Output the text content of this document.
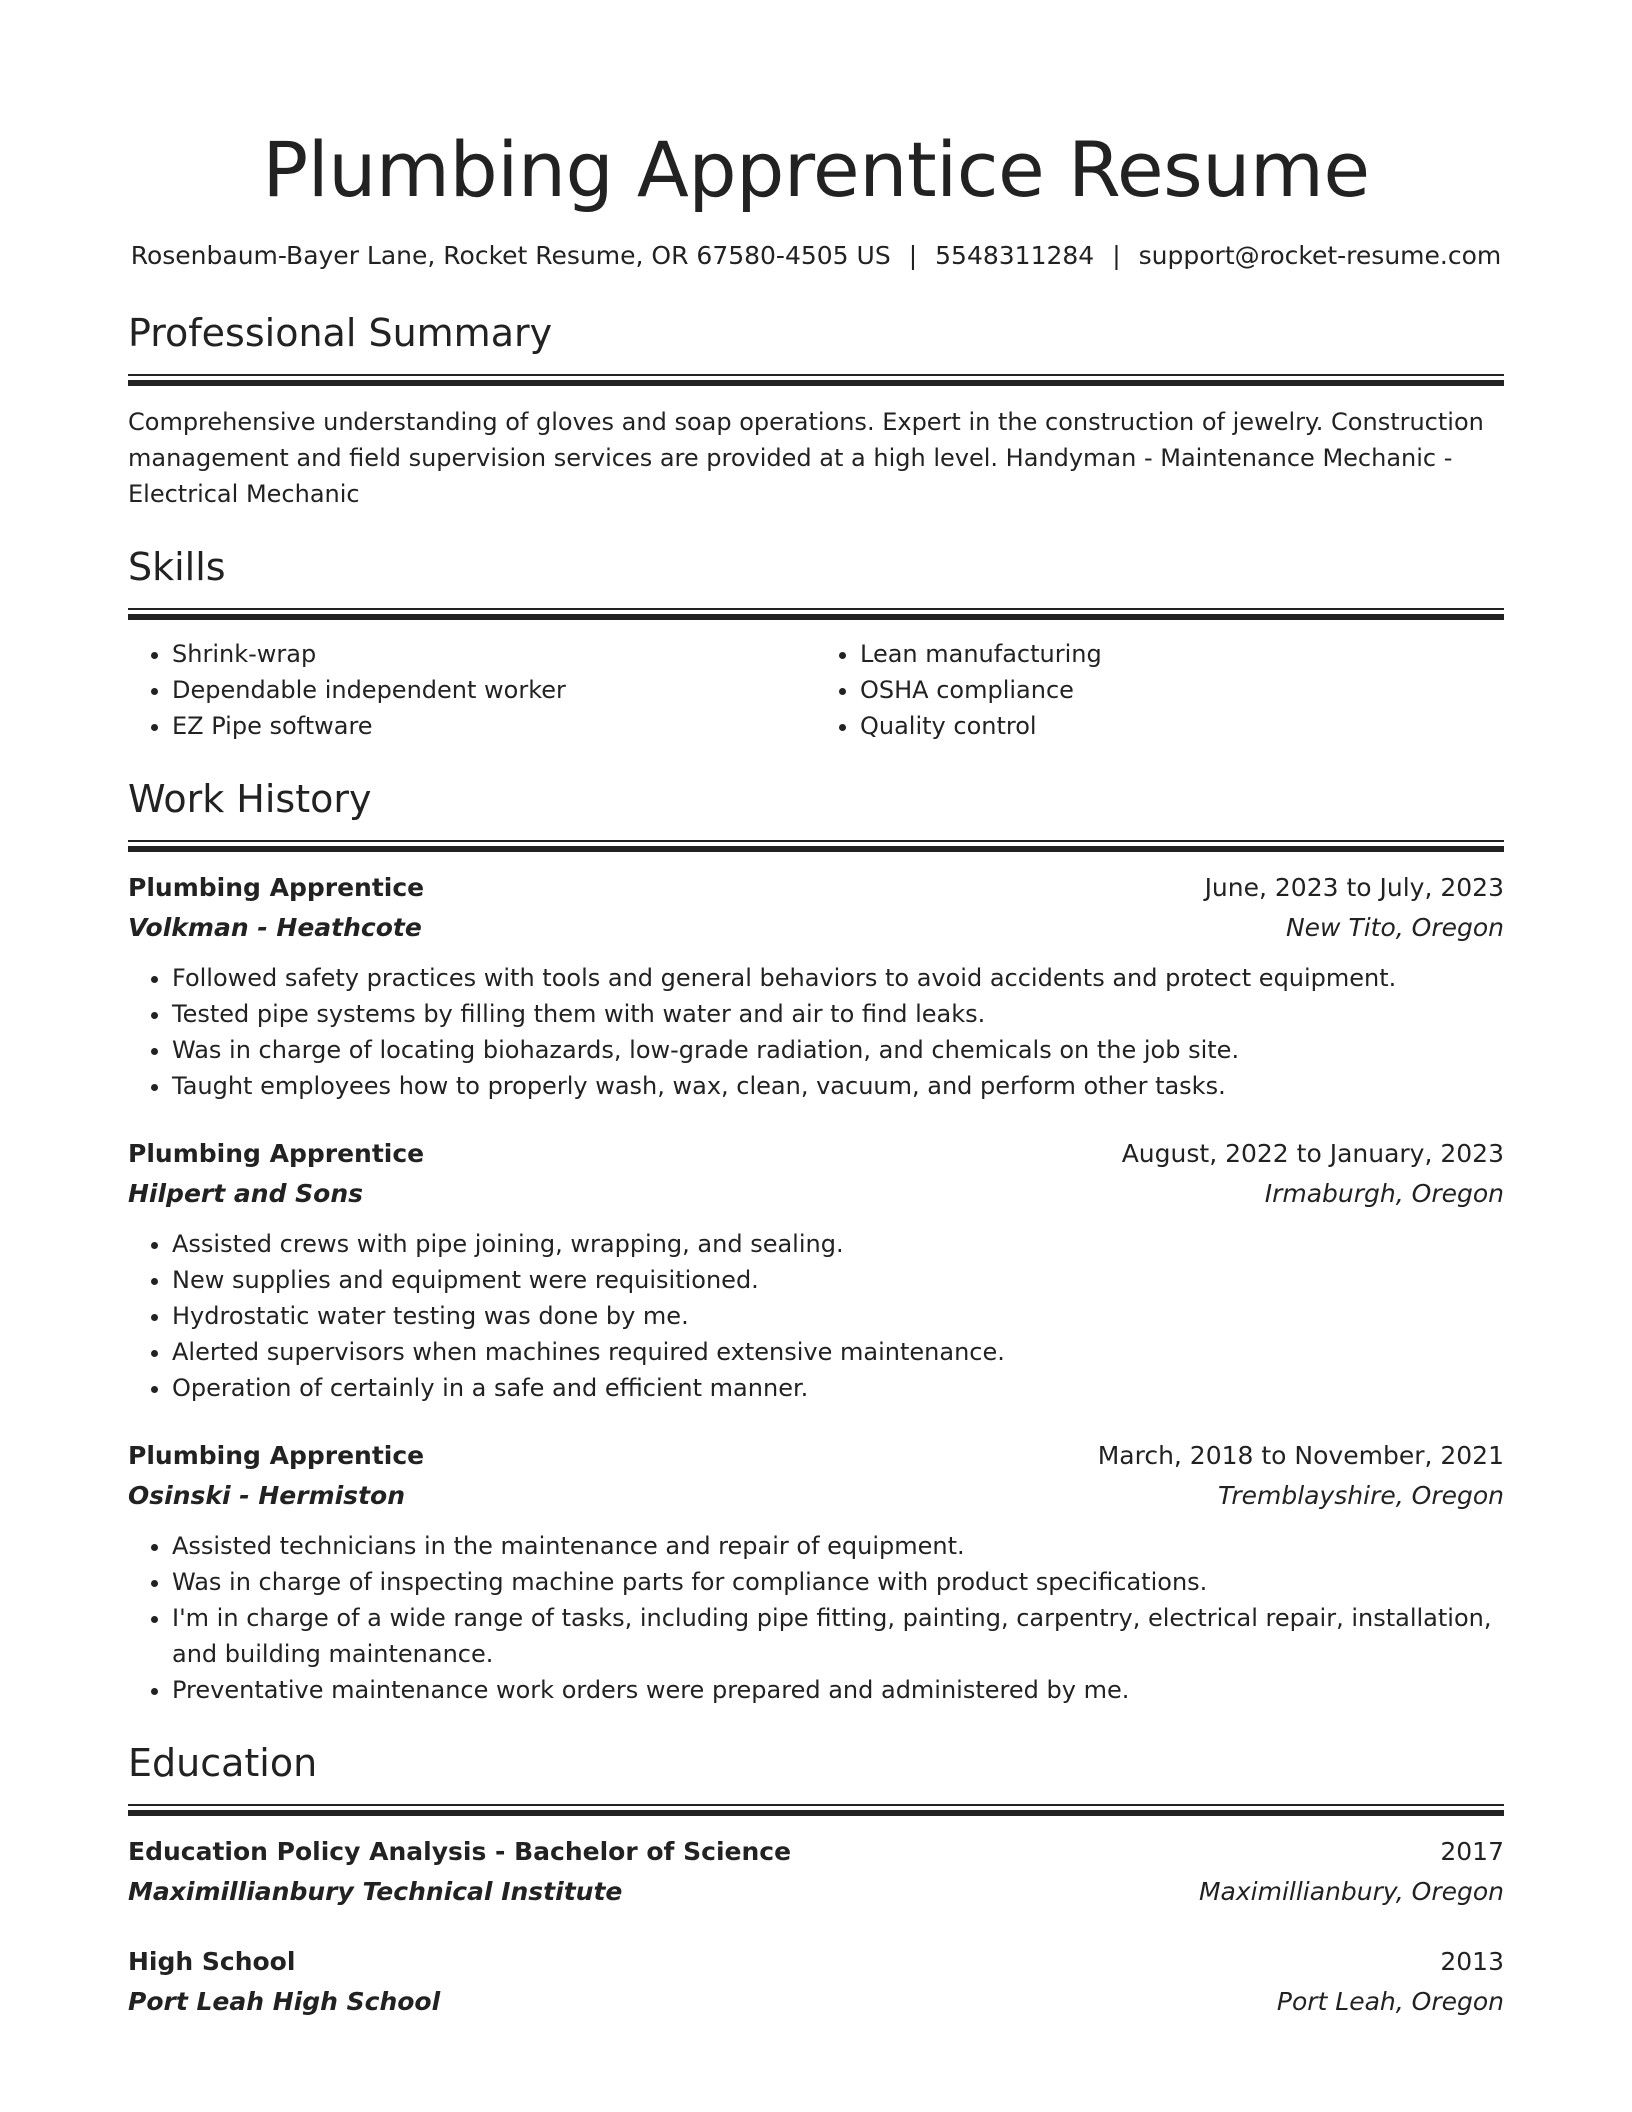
Plumbing Apprentice Resume
Rosenbaum-Bayer Lane, Rocket Resume, OR 67580-4505 US | 5548311284 | support@rocket-resume.com
Professional Summary
Comprehensive understanding of gloves and soap operations. Expert in the construction of jewelry. Construction management and field supervision services are provided at a high level. Handyman - Maintenance Mechanic - Electrical Mechanic
Skills
• Shrink-wrap
• Dependable independent worker
• EZ Pipe software
• Lean manufacturing
• OSHA compliance
• Quality control
Work History
Plumbing Apprentice	June, 2023 to July, 2023
Volkman - Heathcote	New Tito, Oregon
• Followed safety practices with tools and general behaviors to avoid accidents and protect equipment.
• Tested pipe systems by filling them with water and air to find leaks.
• Was in charge of locating biohazards, low-grade radiation, and chemicals on the job site.
• Taught employees how to properly wash, wax, clean, vacuum, and perform other tasks.
Plumbing Apprentice	August, 2022 to January, 2023
Hilpert and Sons	Irmaburgh, Oregon
• Assisted crews with pipe joining, wrapping, and sealing.
• New supplies and equipment were requisitioned.
• Hydrostatic water testing was done by me.
• Alerted supervisors when machines required extensive maintenance.
• Operation of certainly in a safe and efficient manner.
Plumbing Apprentice	March, 2018 to November, 2021
Osinski - Hermiston	Tremblayshire, Oregon
• Assisted technicians in the maintenance and repair of equipment.
• Was in charge of inspecting machine parts for compliance with product specifications.
• I'm in charge of a wide range of tasks, including pipe fitting, painting, carpentry, electrical repair, installation, and building maintenance.
• Preventative maintenance work orders were prepared and administered by me.
Education
Education Policy Analysis - Bachelor of Science	2017
Maximillianbury Technical Institute	Maximillianbury, Oregon
High School	2013
Port Leah High School	Port Leah, Oregon
